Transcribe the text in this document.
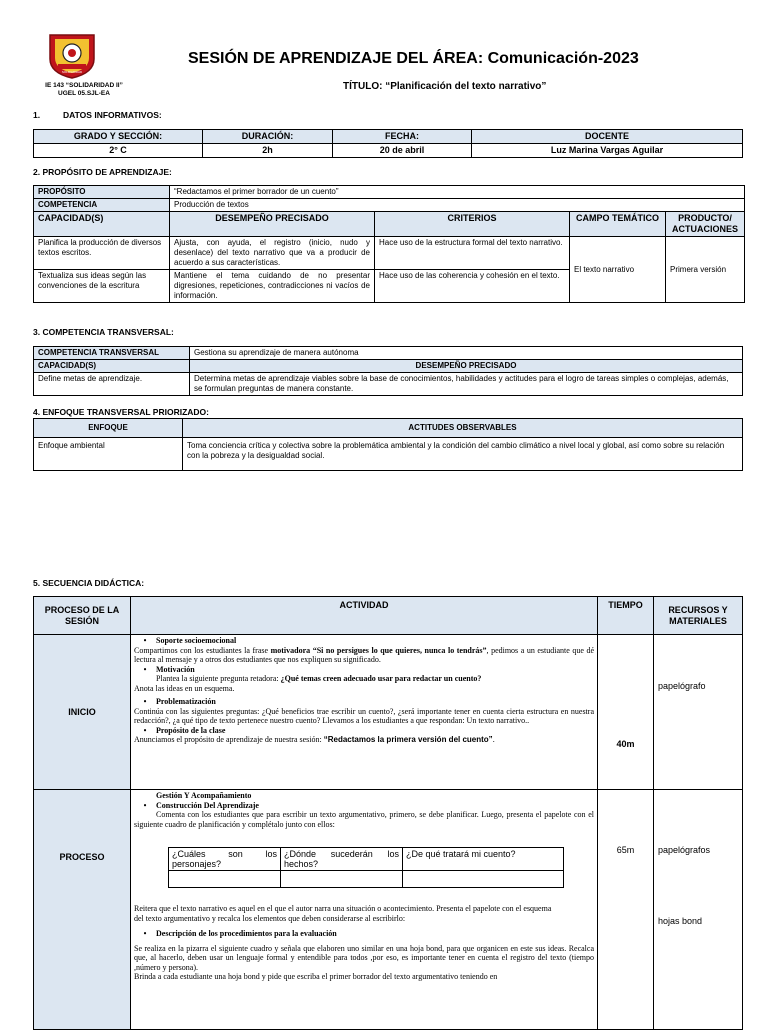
SOLIDARIDAD
IE 143 “SOLIDARIDAD II”
UGEL 05.SJL-EA
SESIÓN DE APRENDIZAJE DEL ÁREA: Comunicación-2023
TÍTULO: “Planificación del texto narrativo”
1.	DATOS INFORMATIVOS:
GRADO Y SECCIÓN:	DURACIÓN:	FECHA:	DOCENTE
2° C	2h	20 de abril	Luz Marina Vargas Aguilar
2. PROPÓSITO DE APRENDIZAJE:
PROPÓSITO	“Redactamos el primer borrador de un cuento”			
COMPETENCIA	Producción de textos			
CAPACIDAD(S)	DESEMPEÑO PRECISADO	CRITERIOS	CAMPO TEMÁTICO	PRODUCTO/ ACTUACIONES
Planifica la producción de diversos textos escritos.	Ajusta, con ayuda, el registro (inicio, nudo y desenlace) del texto narrativo que va a producir de acuerdo a sus características.	Hace uso de la estructura formal del texto narrativo.	El texto narrativo	Primera versión
Textualiza sus ideas según las convenciones de la escritura	Mantiene el tema cuidando de no presentar digresiones, repeticiones, contradicciones ni vacíos de información.	Hace uso de las coherencia y cohesión en el texto.		
3. COMPETENCIA TRANSVERSAL:
COMPETENCIA TRANSVERSAL	Gestiona su aprendizaje de manera autónoma
CAPACIDAD(S)	DESEMPEÑO PRECISADO
Define metas de aprendizaje.	Determina metas de aprendizaje viables sobre la base de conocimientos, habilidades y actitudes para el logro de tareas simples o complejas, además, se formulan preguntas de manera constante.
4. ENFOQUE TRANSVERSAL PRIORIZADO:
ENFOQUE	ACTITUDES OBSERVABLES
Enfoque ambiental	Toma conciencia crítica y colectiva sobre la problemática ambiental y la condición del cambio climático a nivel local y global, así como sobre su relación con la pobreza y la desigualdad social.
5. SECUENCIA DIDÁCTICA:
PROCESO DE LA SESIÓN	ACTIVIDAD	TIEMPO	RECURSOS Y MATERIALES
INICIO	
• Soporte socioemocional
Compartimos con los estudiantes la frase motivadora “Si no persigues lo que quieres, nunca lo tendrás”, pedimos a un estudiante que dé lectura al mensaje y a otros dos estudiantes que nos expliquen su significado.
• Motivación
Plantea la siguiente pregunta retadora: ¿Qué temas creen adecuado usar para redactar un cuento?
Anota las ideas en un esquema.
• Problematización
Continúa con las siguientes preguntas: ¿Qué beneficios trae escribir un cuento?, ¿será importante tener en cuenta cierta estructura en nuestra redacción?, ¿a qué tipo de texto pertenece nuestro cuento? Llevamos a los estudiantes a que respondan: Un texto narrativo..
• Propósito de la clase
Anunciamos el propósito de aprendizaje de nuestra sesión: “Redactamos la primera versión del cuento”.	40m	papelógrafo
PROCESO	
Gestión Y Acompañamiento
• Construcción Del Aprendizaje
Comenta con los estudiantes que para escribir un texto argumentativo, primero, se debe planificar. Luego, presenta el papelote con el siguiente cuadro de planificación y complétalo junto con ellos:
¿Cuáles son los personajes?	¿Dónde sucederán los hechos?	¿De qué tratará mi cuento?

Reitera que el texto narrativo es aquel en el que el autor narra una situación o acontecimiento. Presenta el papelote con el esquema
del texto argumentativo y recalca los elementos que deben considerarse al escribirlo:
• Descripción de los procedimientos para la evaluación
Se realiza en la pizarra el siguiente cuadro y señala que elaboren uno similar en una hoja bond, para que organicen en este sus ideas. Recalca que, al hacerlo, deben usar un lenguaje formal y entendible para todos ,por eso, es importante tener en cuenta el registro del texto (tiempo ,número y persona).
Brinda a cada estudiante una hoja bond y pide que escriba el primer borrador del texto argumentativo teniendo en
	65m	papelógrafos
hojas bond
